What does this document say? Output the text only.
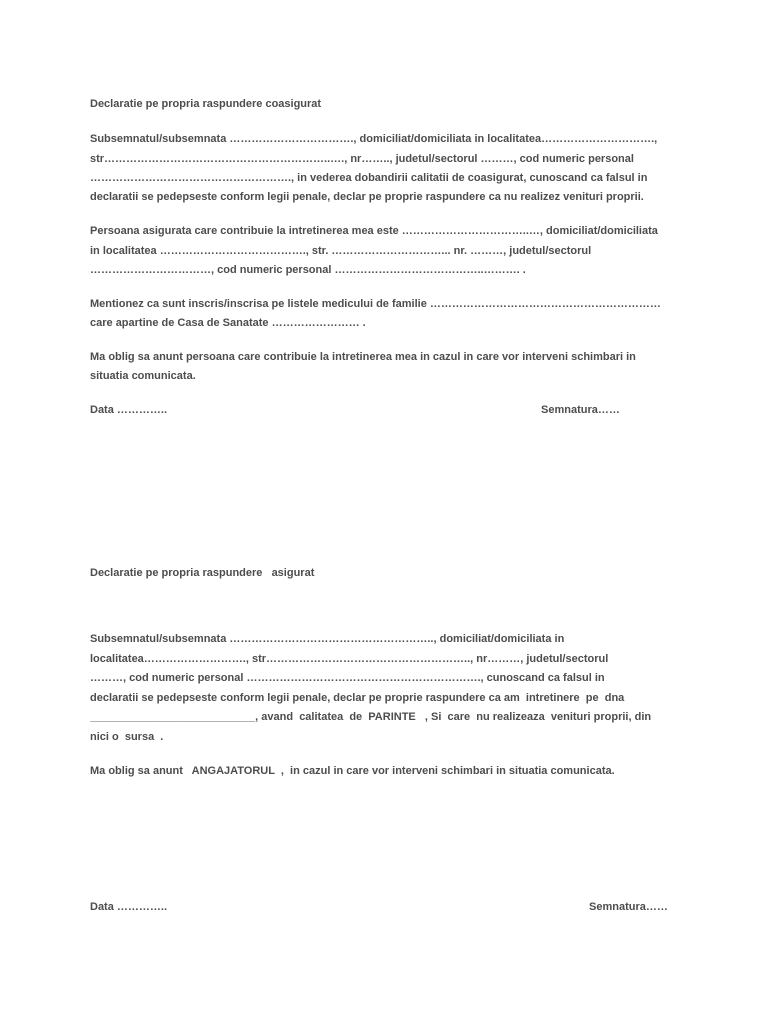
Declaratie pe propria raspundere coasigurat
Subsemnatul/subsemnata ……………………………., domiciliat/domiciliata in localitatea………………………….,
str……………………………………………………..…., nr…….., judetul/sectorul ………, cod numeric personal
………………………………………………., in vederea dobandirii calitatii de coasigurat, cunoscand ca falsul in
declaratii se pedepseste conform legii penale, declar pe proprie raspundere ca nu realizez venituri proprii.
Persoana asigurata care contribuie la intretinerea mea este ……………………………..…, domiciliat/domiciliata
in localitatea …………………………………., str. …………………………... nr. ………, judetul/sectorul
……………………………, cod numeric personal …………………………………..………. .
Mentionez ca sunt inscris/inscrisa pe listele medicului de familie ………………………………………………………
care apartine de Casa de Sanatate …………………… .
Ma oblig sa anunt persoana care contribuie la intretinerea mea in cazul in care vor interveni schimbari in
situatia comunicata.
Data …………..	Semnatura……
Declaratie pe propria raspundere   asigurat
Subsemnatul/subsemnata ……………………………………………….., domiciliat/domiciliata in
localitatea………………………., str……………………………………………….., nr………, judetul/sectorul
………, cod numeric personal ………………………………………………………., cunoscand ca falsul in
declaratii se pedepseste conform legii penale, declar pe proprie raspundere ca am  intretinere  pe  dna
___________________________, avand  calitatea  de  PARINTE   , Si  care  nu realizeaza  venituri proprii, din
nici o  sursa  .
Ma oblig sa anunt   ANGAJATORUL  ,  in cazul in care vor interveni schimbari in situatia comunicata.
Data …………..	Semnatura……
